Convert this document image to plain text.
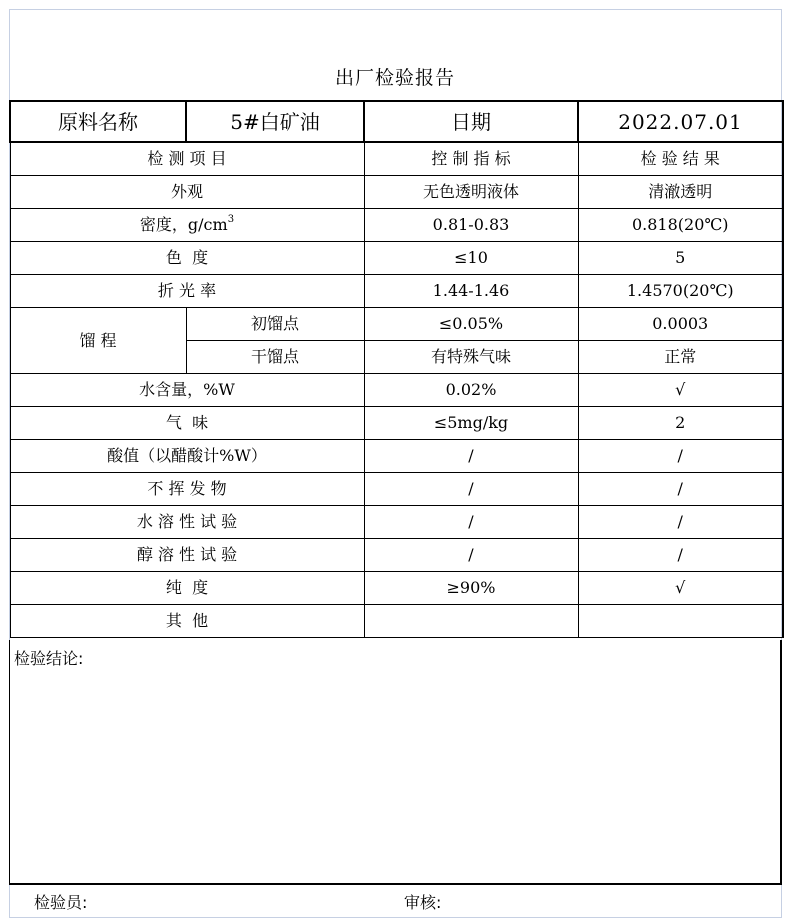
出厂检验报告
原料名称	5#白矿油	日期	2022.07.01
检 测 项 目		控 制 指 标	检 验 结 果
外观		无色透明液体	清澈透明
密度，$g/cm^3$		0.81-0.83	0.818(20℃)
色  度		≤10	5
折 光 率		1.44-1.46	1.4570(20℃)
馏 程	初馏点	≤0.05%	0.0003
	干馏点	有特殊气味	正常
水含量，%W		0.02%	√
气  味		≤5mg/kg	2
酸值（以醋酸计%W）		/	/
不 挥 发 物		/	/
水 溶 性 试 验		/	/
醇 溶 性 试 验		/	/
纯  度		≥90%	√
其  他			
检验结论:
检验员:	审核:
